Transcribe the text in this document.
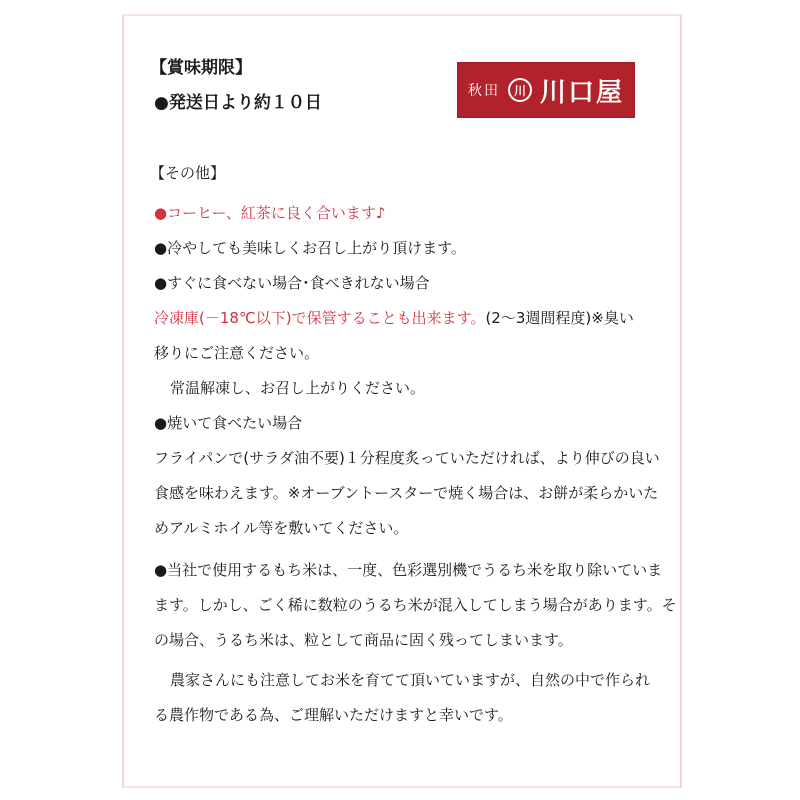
秋田	川 川口屋
【賞味期限】
●発送日より約１０日
【その他】
●コーヒー、紅茶に良く合います♪
●冷やしても美味しくお召し上がり頂けます。
●すぐに食べない場合･食べきれない場合
冷凍庫(－18℃以下)で保管することも出来ます。(2～3週間程度)※臭い
移りにご注意ください。
常温解凍し、お召し上がりください。
●焼いて食べたい場合
フライパンで(サラダ油不要)１分程度炙っていただければ、より伸びの良い
食感を味わえます。※オーブントースターで焼く場合は、お餅が柔らかいた
めアルミホイル等を敷いてください。
●当社で使用するもち米は、一度、色彩選別機でうるち米を取り除いていま
ます。しかし、ごく稀に数粒のうるち米が混入してしまう場合があります。そ
の場合、うるち米は、粒として商品に固く残ってしまいます。
農家さんにも注意してお米を育てて頂いていますが、自然の中で作られ
る農作物である為、ご理解いただけますと幸いです。
